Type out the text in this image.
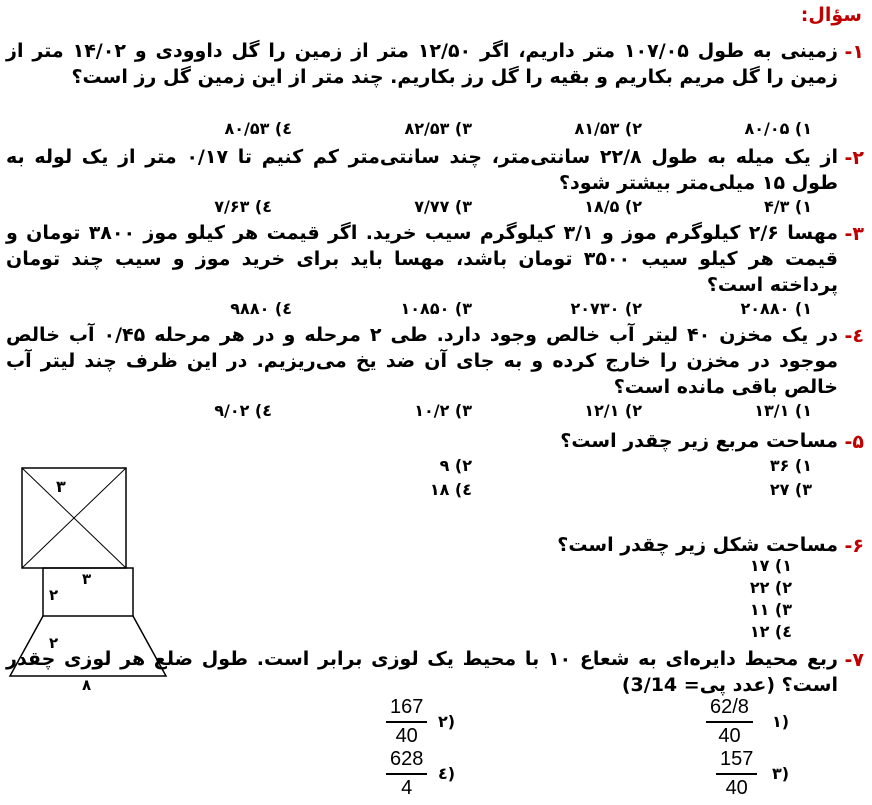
سؤال:
۱-
زمینی به طول ۱۰۷/۰۵ متر داریم، اگر ۱۲/۵۰ متر از زمین را گل داوودی و ۱۴/۰۲ متر از زمین را گل مریم بکاریم و بقیه را گل رز بکاریم. چند متر از این زمین گل رز است؟
۱) ۸۰/۰۵
۲) ۸۱/۵۳
۳) ۸۲/۵۳
٤) ۸۰/۵۳
۲-
از یک میله به طول ۲۲/۸ سانتی‌متر، چند سانتی‌متر کم کنیم تا ۰/۱۷ متر از یک لوله به طول ۱۵ میلی‌متر بیشتر شود؟
۱) ۴/۳
۲) ۱۸/۵
۳) ۷/۷۷
٤) ۷/۶۳
۳-
مهسا ۲/۶ کیلوگرم موز و ۳/۱ کیلوگرم سیب خرید. اگر قیمت هر کیلو موز ۳۸۰۰ تومان و قیمت هر کیلو سیب ۳۵۰۰ تومان باشد، مهسا باید برای خرید موز و سیب چند تومان پرداخته است؟
۱) ۲۰۸۸۰
۲) ۲۰۷۳۰
۳) ۱۰۸۵۰
٤) ۹۸۸۰
٤-
در یک مخزن ۴۰ لیتر آب خالص وجود دارد. طی ۲ مرحله و در هر مرحله ۰/۴۵ آب خالص موجود در مخزن را خارج کرده و به جای آن ضد یخ می‌ریزیم. در این ظرف چند لیتر آب خالص باقی مانده است؟
۱) ۱۳/۱
۲) ۱۲/۱
۳) ۱۰/۲
٤) ۹/۰۲
۵-
مساحت مربع زیر چقدر است؟
۱) ۳۶
۲) ۹
۳) ۲۷
٤) ۱۸
۳
۶-
مساحت شکل زیر چقدر است؟
۱) ۱۷
۲) ۲۲
۳) ۱۱
٤) ۱۲
۳
۲
۲
۸
۷-
ربع محیط دایره‌ای به شعاع ۱۰ با محیط یک لوزی برابر است. طول ضلع هر لوزی چقدر است؟ (عدد پی= 3/14)
۱)
$\frac{62/8}{40}$
۲)
$\frac{167}{40}$
۳)
$\frac{157}{40}$
٤)
$\frac{628}{4}$
